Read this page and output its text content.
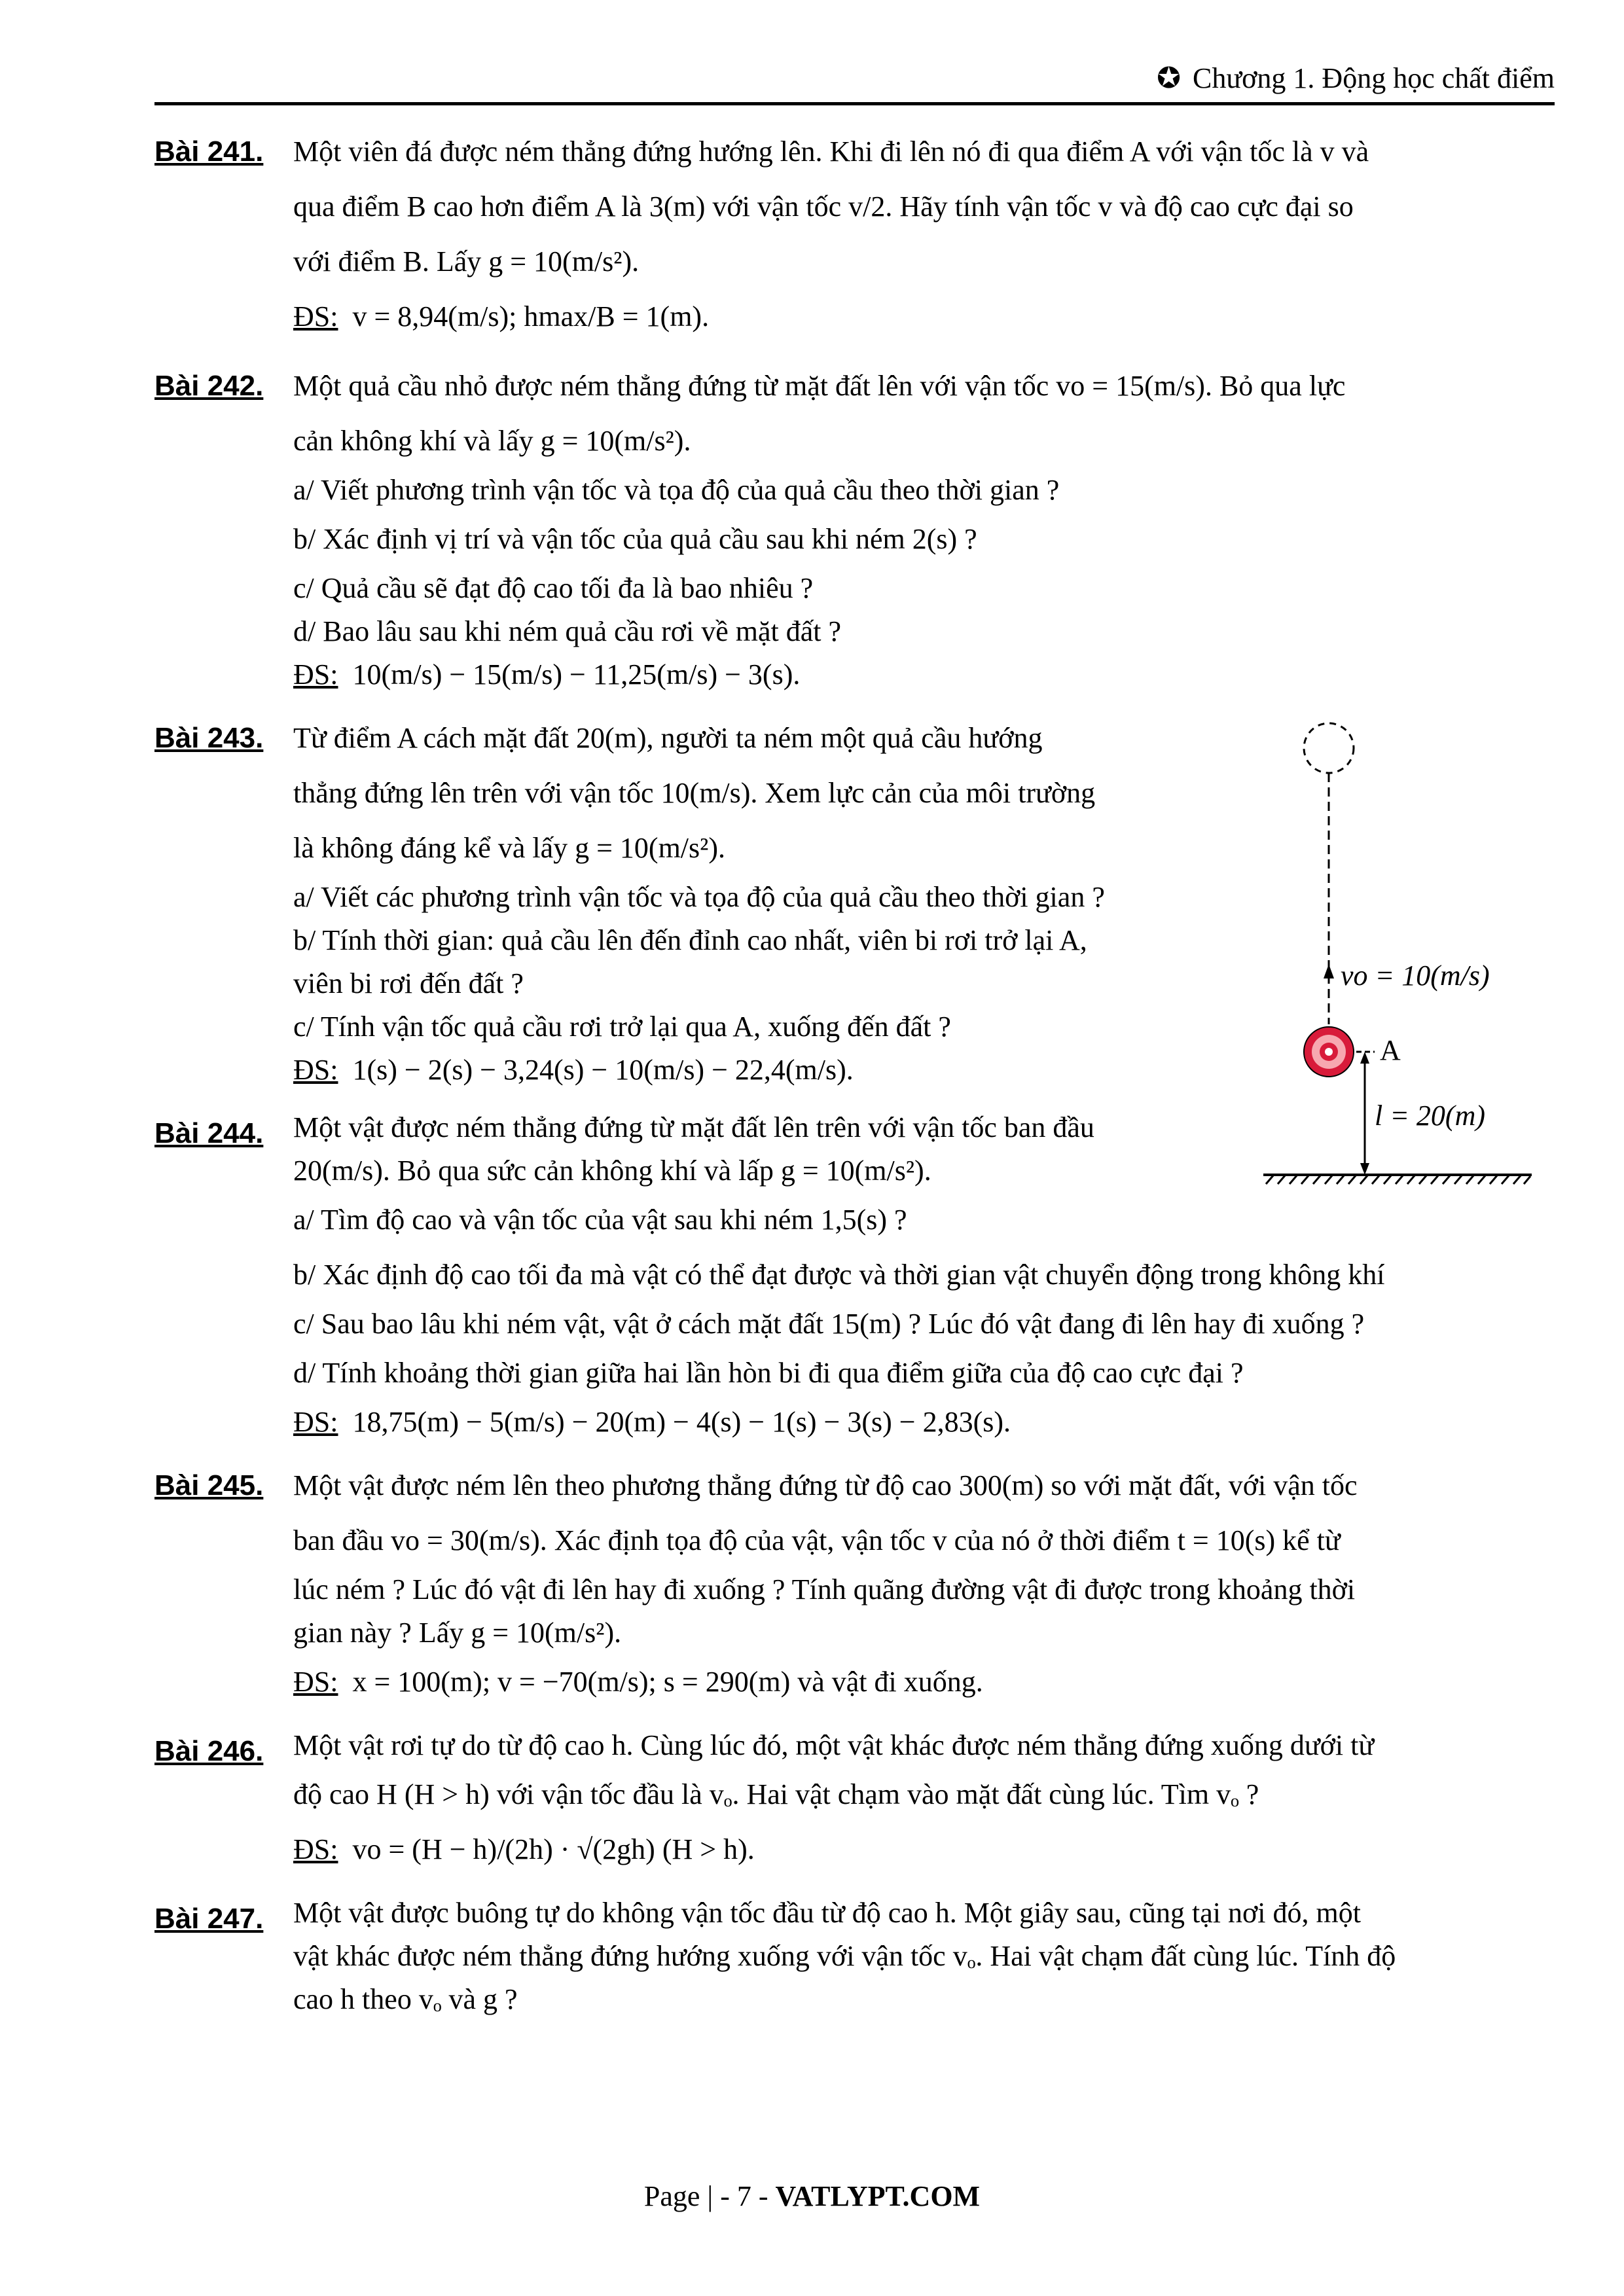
✪ Chương 1. Động học chất điểm
Bài 241. Một viên đá được ném thẳng đứng hướng lên. Khi đi lên nó đi qua điểm A với vận tốc là v và
qua điểm B cao hơn điểm A là 3(m) với vận tốc v/2. Hãy tính vận tốc v và độ cao cực đại so
với điểm B. Lấy g = 10(m/s²).
ĐS: v = 8,94(m/s); hmax/B = 1(m).
Bài 242. Một quả cầu nhỏ được ném thẳng đứng từ mặt đất lên với vận tốc vo = 15(m/s). Bỏ qua lực
cản không khí và lấy g = 10(m/s²).
a/ Viết phương trình vận tốc và tọa độ của quả cầu theo thời gian ?
b/ Xác định vị trí và vận tốc của quả cầu sau khi ném 2(s) ?
c/ Quả cầu sẽ đạt độ cao tối đa là bao nhiêu ?
d/ Bao lâu sau khi ném quả cầu rơi về mặt đất ?
ĐS: 10(m/s) − 15(m/s) − 11,25(m/s) − 3(s).
Bài 243. Từ điểm A cách mặt đất 20(m), người ta ném một quả cầu hướng
thẳng đứng lên trên với vận tốc 10(m/s). Xem lực cản của môi trường
là không đáng kể và lấy g = 10(m/s²).
a/ Viết các phương trình vận tốc và tọa độ của quả cầu theo thời gian ?
b/ Tính thời gian: quả cầu lên đến đỉnh cao nhất, viên bi rơi trở lại A,
viên bi rơi đến đất ?
c/ Tính vận tốc quả cầu rơi trở lại qua A, xuống đến đất ?
ĐS: 1(s) − 2(s) − 3,24(s) − 10(m/s) − 22,4(m/s).
Bài 244. Một vật được ném thẳng đứng từ mặt đất lên trên với vận tốc ban đầu
20(m/s). Bỏ qua sức cản không khí và lấp g = 10(m/s²).
a/ Tìm độ cao và vận tốc của vật sau khi ném 1,5(s) ?
b/ Xác định độ cao tối đa mà vật có thể đạt được và thời gian vật chuyển động trong không khí
c/ Sau bao lâu khi ném vật, vật ở cách mặt đất 15(m) ? Lúc đó vật đang đi lên hay đi xuống ?
d/ Tính khoảng thời gian giữa hai lần hòn bi đi qua điểm giữa của độ cao cực đại ?
ĐS: 18,75(m) − 5(m/s) − 20(m) − 4(s) − 1(s) − 3(s) − 2,83(s).
Bài 245. Một vật được ném lên theo phương thẳng đứng từ độ cao 300(m) so với mặt đất, với vận tốc
ban đầu vo = 30(m/s). Xác định tọa độ của vật, vận tốc v của nó ở thời điểm t = 10(s) kể từ
lúc ném ? Lúc đó vật đi lên hay đi xuống ? Tính quãng đường vật đi được trong khoảng thời
gian này ? Lấy g = 10(m/s²).
ĐS: x = 100(m); v = −70(m/s); s = 290(m) và vật đi xuống.
Bài 246. Một vật rơi tự do từ độ cao h. Cùng lúc đó, một vật khác được ném thẳng đứng xuống dưới từ
độ cao H (H > h) với vận tốc đầu là vₒ. Hai vật chạm vào mặt đất cùng lúc. Tìm vₒ ?
ĐS: vo = (H − h)/(2h) · √(2gh) (H > h).
Bài 247. Một vật được buông tự do không vận tốc đầu từ độ cao h. Một giây sau, cũng tại nơi đó, một
vật khác được ném thẳng đứng hướng xuống với vận tốc vₒ. Hai vật chạm đất cùng lúc. Tính độ
cao h theo vₒ và g ?
vo = 10(m/s)
A
l = 20(m)
Page | - 7 - VATLYPT.COM
